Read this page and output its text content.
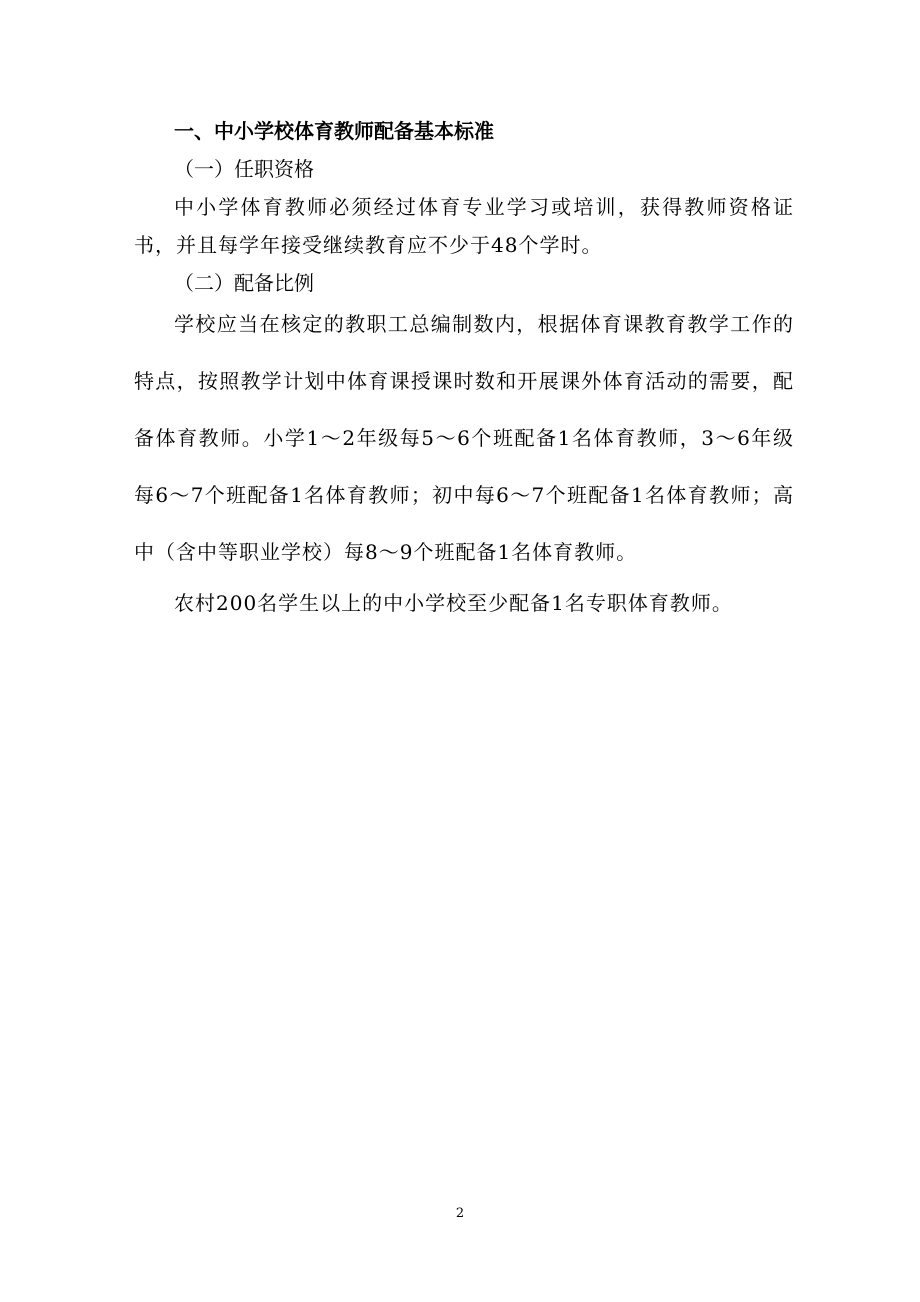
一、中小学校体育教师配备基本标准

（一）任职资格

中小学体育教师必须经过体育专业学习或培训，获得教师资格证书，并且每学年接受继续教育应不少于48个学时。

（二）配备比例

学校应当在核定的教职工总编制数内，根据体育课教育教学工作的特点，按照教学计划中体育课授课时数和开展课外体育活动的需要，配备体育教师。小学1～2年级每5～6个班配备1名体育教师，3～6年级每6～7个班配备1名体育教师；初中每6～7个班配备1名体育教师；高中（含中等职业学校）每8～9个班配备1名体育教师。

农村200名学生以上的中小学校至少配备1名专职体育教师。

2
